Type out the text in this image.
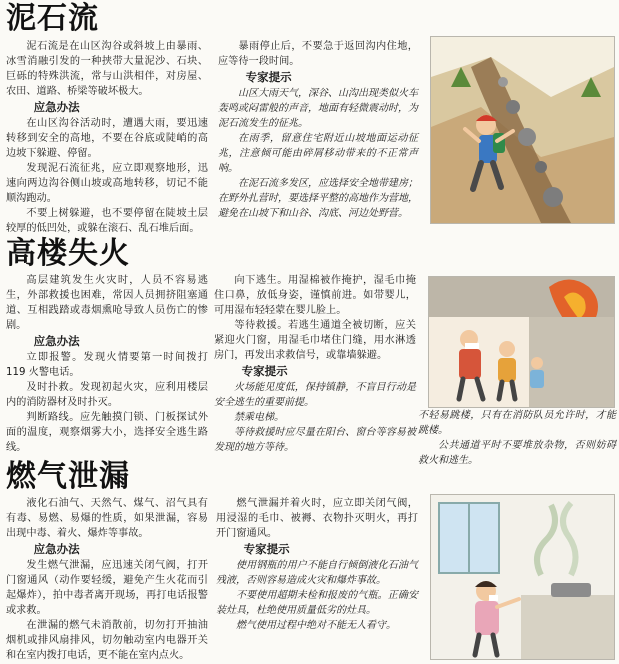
泥石流

泥石流是在山区沟谷或斜坡上由暴雨、冰雪消融引发的一种挟带大量泥沙、石块、巨砾的特殊洪流，常与山洪相伴，对房屋、农田、道路、桥梁等破坏极大。

应急办法

在山区沟谷活动时，遭遇大雨，要迅速转移到安全的高地，不要在谷底或陡峭的高边坡下躲避、停留。

发现泥石流征兆，应立即观察地形，迅速向两边沟谷侧山坡或高地转移，切记不能顺沟跑动。

不要上树躲避，也不要停留在陡坡土层较厚的低凹处，或躲在滚石、乱石堆后面。

暴雨停止后，不要急于返回沟内住地，应等待一段时间。

专家提示

山区大雨天气，深谷、山沟出现类似火车轰鸣或闷雷般的声音，地面有轻微震动时，为泥石流发生的征兆。

在雨季，留意住宅附近山坡地面运动征兆，注意倾可能由碎屑移动带来的不正常声响。

在泥石流多发区，应选择安全地带建房；在野外扎营时，要选择平整的高地作为营地，避免在山坡下和山谷、沟底、河边处野营。

高楼失火

高层建筑发生火灾时，人员不容易逃生，外部救援也困难，常因人员拥挤阻塞通道、互相践踏或毒烟熏呛导致人员伤亡的惨剧。

应急办法

立即报警。发现火情要第一时间拨打 119 火警电话。

及时扑救。发现初起火灾，应利用楼层内的消防器材及时扑灭。

判断路线。应先触摸门锁、门板探试外面的温度，观察烟雾大小，选择安全逃生路线。

向下逃生。用湿棉被作掩护，湿毛巾掩住口鼻，放低身姿，谨慎前进。如带婴儿，可用湿布轻轻蒙在婴儿脸上。

等待救援。若逃生通道全被切断，应关紧迎火门窗，用湿毛巾堵住门缝，用水淋透房门，再发出求救信号，或靠墙躲避。

专家提示

火场能见度低，保持镇静，不盲目行动是安全逃生的重要前提。

禁乘电梯。

等待救援时应尽量在阳台、窗台等容易被发现的地方等待。

不轻易跳楼，只有在消防队员允许时，才能跳楼。

公共通道平时不要堆放杂物，否则妨碍救火和逃生。

燃气泄漏

液化石油气、天然气、煤气、沼气具有有毒、易燃、易爆的性质，如果泄漏，容易出现中毒、着火、爆炸等事故。

应急办法

发生燃气泄漏，应迅速关闭气阀，打开门窗通风（动作要轻缓，避免产生火花而引起爆炸），拍中毒者离开现场，再打电话报警或求救。

在泄漏的燃气未消散前，切勿打开抽油烟机或排风扇排风，切勿触动室内电器开关和在室内拨打电话，更不能在室内点火。

燃气泄漏并着火时，应立即关闭气阀，用浸湿的毛巾、被褥、衣物扑灭明火，再打开门窗通风。

专家提示

使用钢瓶的用户不能自行倾倒液化石油气残液，否则容易造成火灾和爆炸事故。

不要使用超期未检和报废的气瓶。正确安装灶具，杜绝使用质量低劣的灶具。

燃气使用过程中绝对不能无人看守。
